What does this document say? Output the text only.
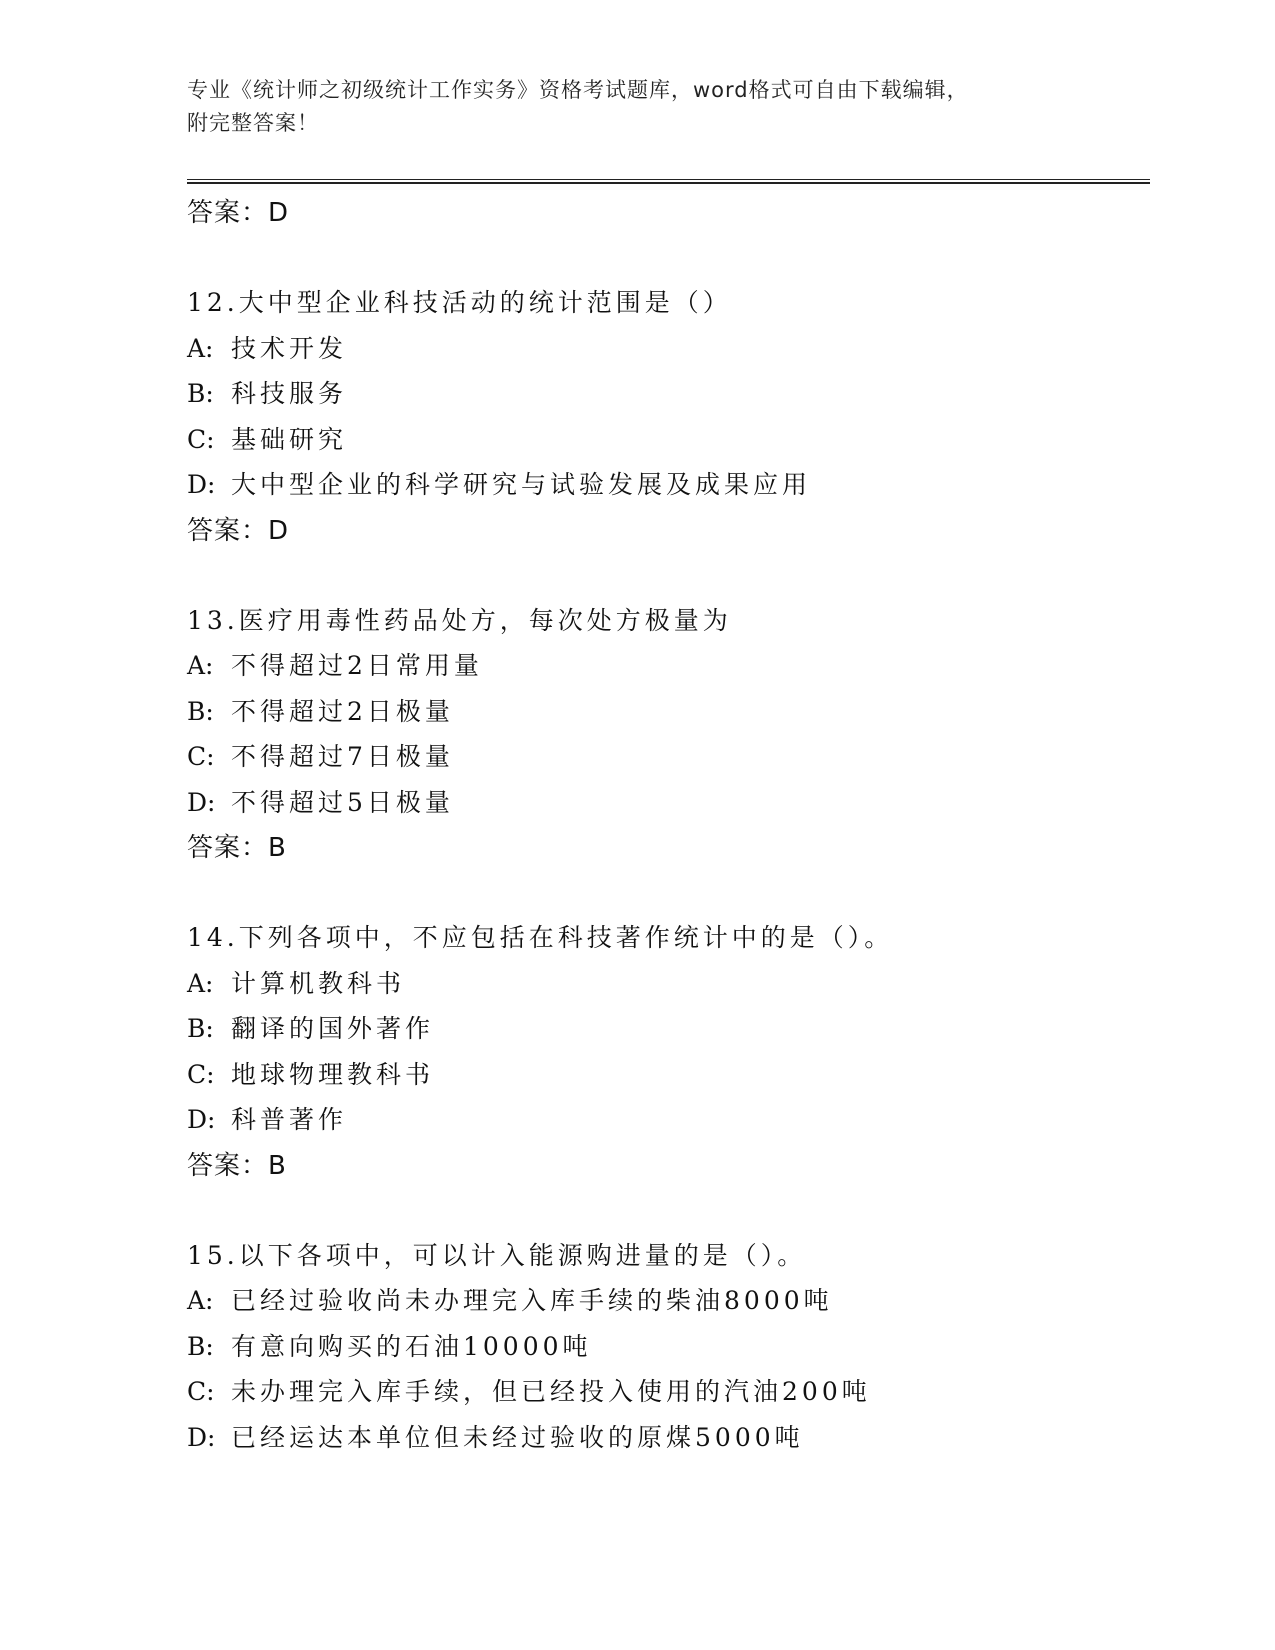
专业《统计师之初级统计工作实务》资格考试题库，word格式可自由下载编辑，
附完整答案！
答案：D
12.大中型企业科技活动的统计范围是（）
A: 技术开发
B: 科技服务
C: 基础研究
D: 大中型企业的科学研究与试验发展及成果应用
答案：D
13.医疗用毒性药品处方，每次处方极量为
A: 不得超过2日常用量
B: 不得超过2日极量
C: 不得超过7日极量
D: 不得超过5日极量
答案：B
14.下列各项中，不应包括在科技著作统计中的是（）。
A: 计算机教科书
B: 翻译的国外著作
C: 地球物理教科书
D: 科普著作
答案：B
15.以下各项中，可以计入能源购进量的是（）。
A: 已经过验收尚未办理完入库手续的柴油8000吨
B: 有意向购买的石油10000吨
C: 未办理完入库手续，但已经投入使用的汽油200吨
D: 已经运达本单位但未经过验收的原煤5000吨
